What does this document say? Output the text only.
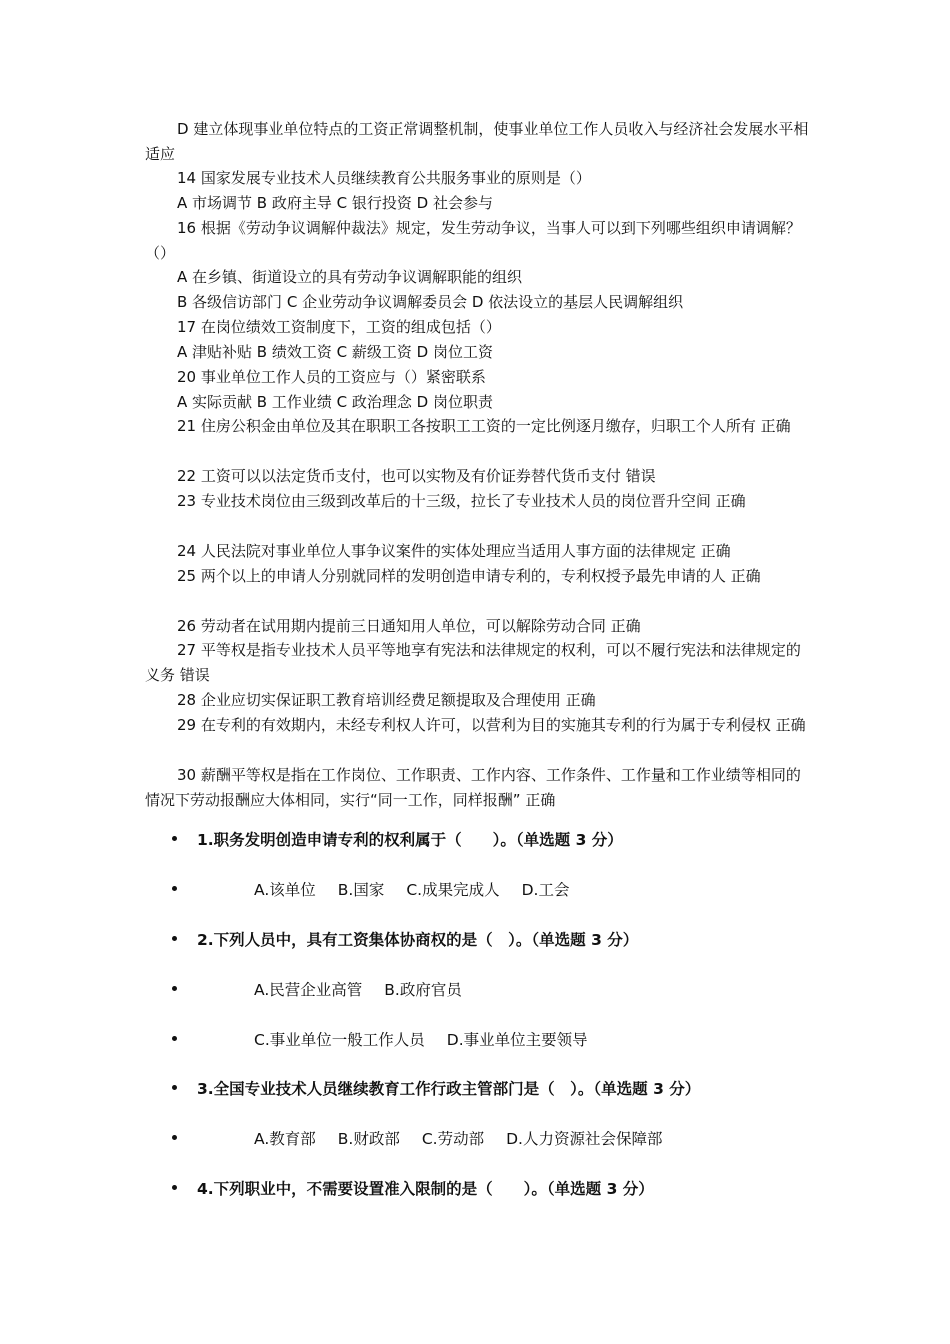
D 建立体现事业单位特点的工资正常调整机制，使事业单位工作人员收入与经济社会发展水平相适应

14 国家发展专业技术人员继续教育公共服务事业的原则是（）

A 市场调节 B 政府主导 C 银行投资 D 社会参与

16 根据《劳动争议调解仲裁法》规定，发生劳动争议，当事人可以到下列哪些组织申请调解？（）

A 在乡镇、街道设立的具有劳动争议调解职能的组织

B 各级信访部门 C 企业劳动争议调解委员会 D 依法设立的基层人民调解组织

17 在岗位绩效工资制度下，工资的组成包括（）

A 津贴补贴 B 绩效工资 C 薪级工资 D 岗位工资

20 事业单位工作人员的工资应与（）紧密联系

A 实际贡献 B 工作业绩 C 政治理念 D 岗位职责

21 住房公积金由单位及其在职职工各按职工工资的一定比例逐月缴存，归职工个人所有 正确

22 工资可以以法定货币支付，也可以实物及有价证券替代货币支付 错误

23 专业技术岗位由三级到改革后的十三级，拉长了专业技术人员的岗位晋升空间 正确

24 人民法院对事业单位人事争议案件的实体处理应当适用人事方面的法律规定 正确

25 两个以上的申请人分别就同样的发明创造申请专利的，专利权授予最先申请的人 正确

26 劳动者在试用期内提前三日通知用人单位，可以解除劳动合同 正确

27 平等权是指专业技术人员平等地享有宪法和法律规定的权利，可以不履行宪法和法律规定的义务 错误

28 企业应切实保证职工教育培训经费足额提取及合理使用 正确

29 在专利的有效期内，未经专利权人许可，以营利为目的实施其专利的行为属于专利侵权 正确

30 薪酬平等权是指在工作岗位、工作职责、工作内容、工作条件、工作量和工作业绩等相同的情况下劳动报酬应大体相同，实行“同一工作，同样报酬” 正确

1.职务发明创造申请专利的权利属于（　　）。（单选题 3 分）
A.该单位 B.国家 C.成果完成人 D.工会
2.下列人员中，具有工资集体协商权的是（　）。（单选题 3 分）
A.民营企业高管 B.政府官员
C.事业单位一般工作人员 D.事业单位主要领导
3.全国专业技术人员继续教育工作行政主管部门是（　）。（单选题 3 分）
A.教育部 B.财政部 C.劳动部 D.人力资源社会保障部
4.下列职业中，不需要设置准入限制的是（　　）。（单选题 3 分）
